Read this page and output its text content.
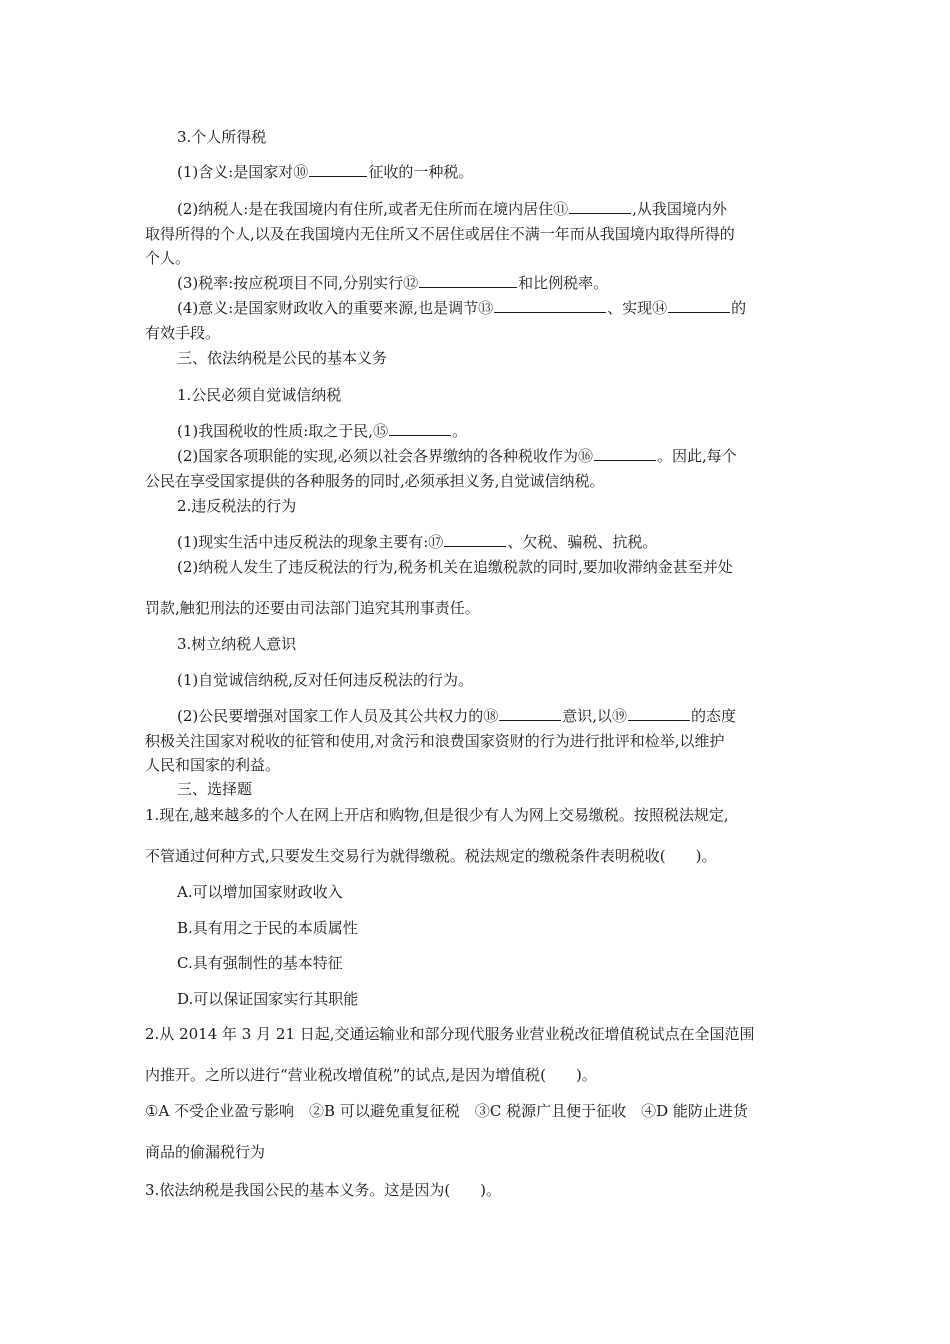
3.个人所得税
(1)含义:是国家对⑩	征收的一种税。
(2)纳税人:是在我国境内有住所,或者无住所而在境内居住⑪	,从我国境内外
取得所得的个人,以及在我国境内无住所又不居住或居住不满一年而从我国境内取得所得的
个人。
(3)税率:按应税项目不同,分别实行⑫	和比例税率。
(4)意义:是国家财政收入的重要来源,也是调节⑬	、实现⑭	的
有效手段。
三、依法纳税是公民的基本义务
1.公民必须自觉诚信纳税
(1)我国税收的性质:取之于民,⑮	。
(2)国家各项职能的实现,必须以社会各界缴纳的各种税收作为⑯	。因此,每个
公民在享受国家提供的各种服务的同时,必须承担义务,自觉诚信纳税。
2.违反税法的行为
(1)现实生活中违反税法的现象主要有:⑰	、欠税、骗税、抗税。
(2)纳税人发生了违反税法的行为,税务机关在追缴税款的同时,要加收滞纳金甚至并处
罚款,触犯刑法的还要由司法部门追究其刑事责任。
3.树立纳税人意识
(1)自觉诚信纳税,反对任何违反税法的行为。
(2)公民要增强对国家工作人员及其公共权力的⑱	意识,以⑲	的态度
积极关注国家对税收的征管和使用,对贪污和浪费国家资财的行为进行批评和检举,以维护
人民和国家的利益。
三、选择题
1.现在,越来越多的个人在网上开店和购物,但是很少有人为网上交易缴税。按照税法规定,
不管通过何种方式,只要发生交易行为就得缴税。税法规定的缴税条件表明税收(　　)。
A.可以增加国家财政收入
B.具有用之于民的本质属性
C.具有强制性的基本特征
D.可以保证国家实行其职能
2.从 2014 年 3 月 21 日起,交通运输业和部分现代服务业营业税改征增值税试点在全国范围
内推开。之所以进行“营业税改增值税”的试点,是因为增值税(　　)。
①A 不受企业盈亏影响　②B 可以避免重复征税　③C 税源广且便于征收　④D 能防止进货
商品的偷漏税行为
3.依法纳税是我国公民的基本义务。这是因为(　　)。
